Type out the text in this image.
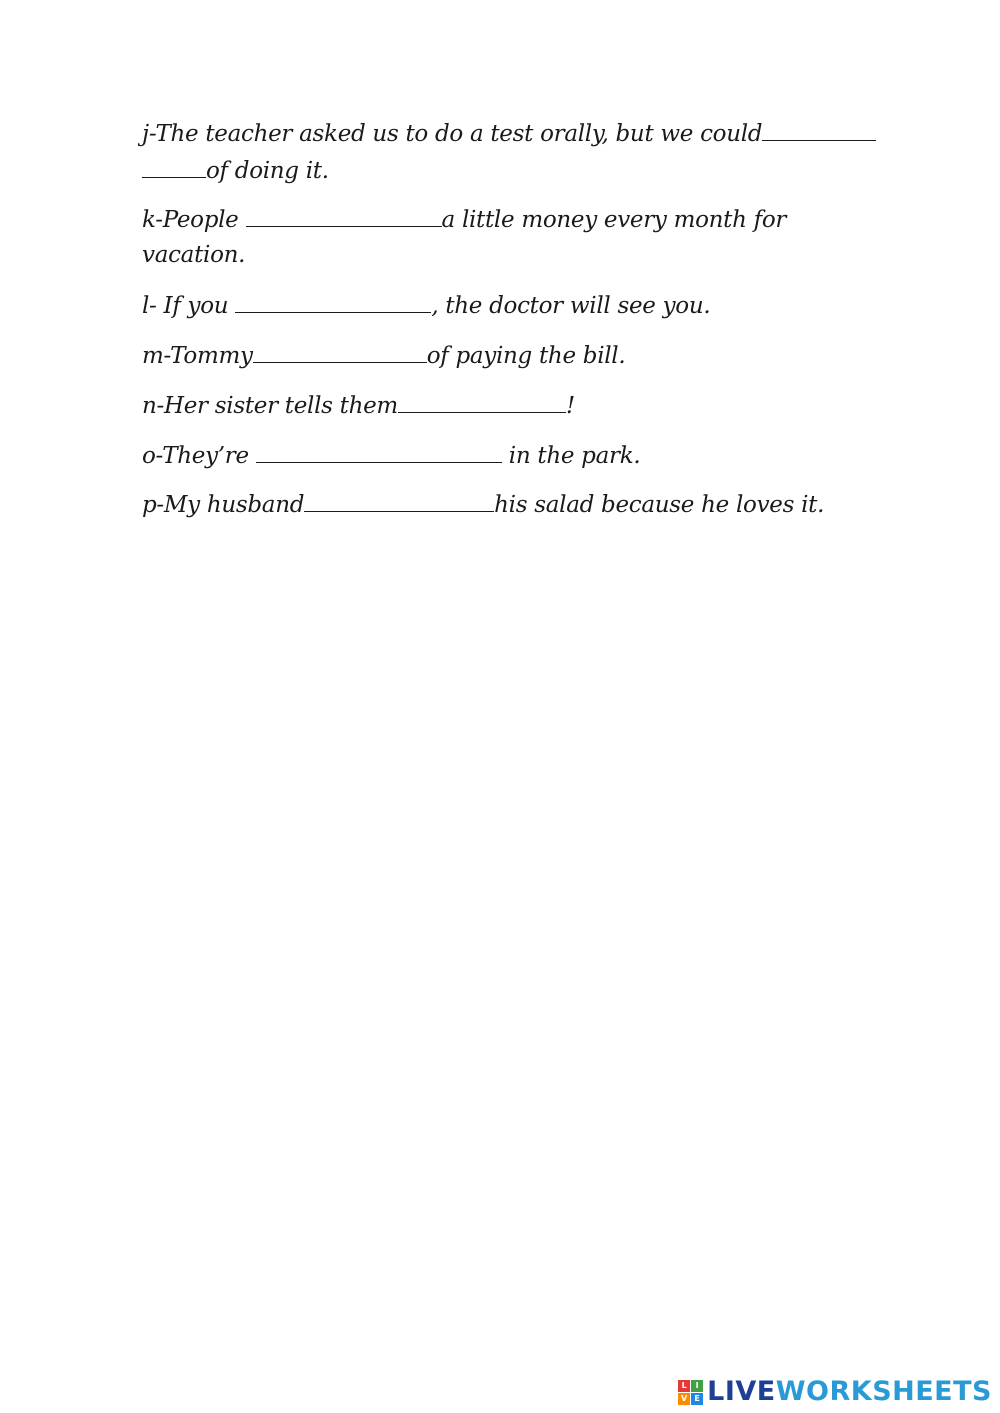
j-The teacher asked us to do a test orally, but we could
of doing it.
k-People	a little money every month for
vacation.
l- If you	, the doctor will see you.
m-Tommy	of paying the bill.
n-Her sister tells them	!
o-They’re	in the park.
p-My husband	his salad because he loves it.
L	I
V E LIVEWORKSHEETS
